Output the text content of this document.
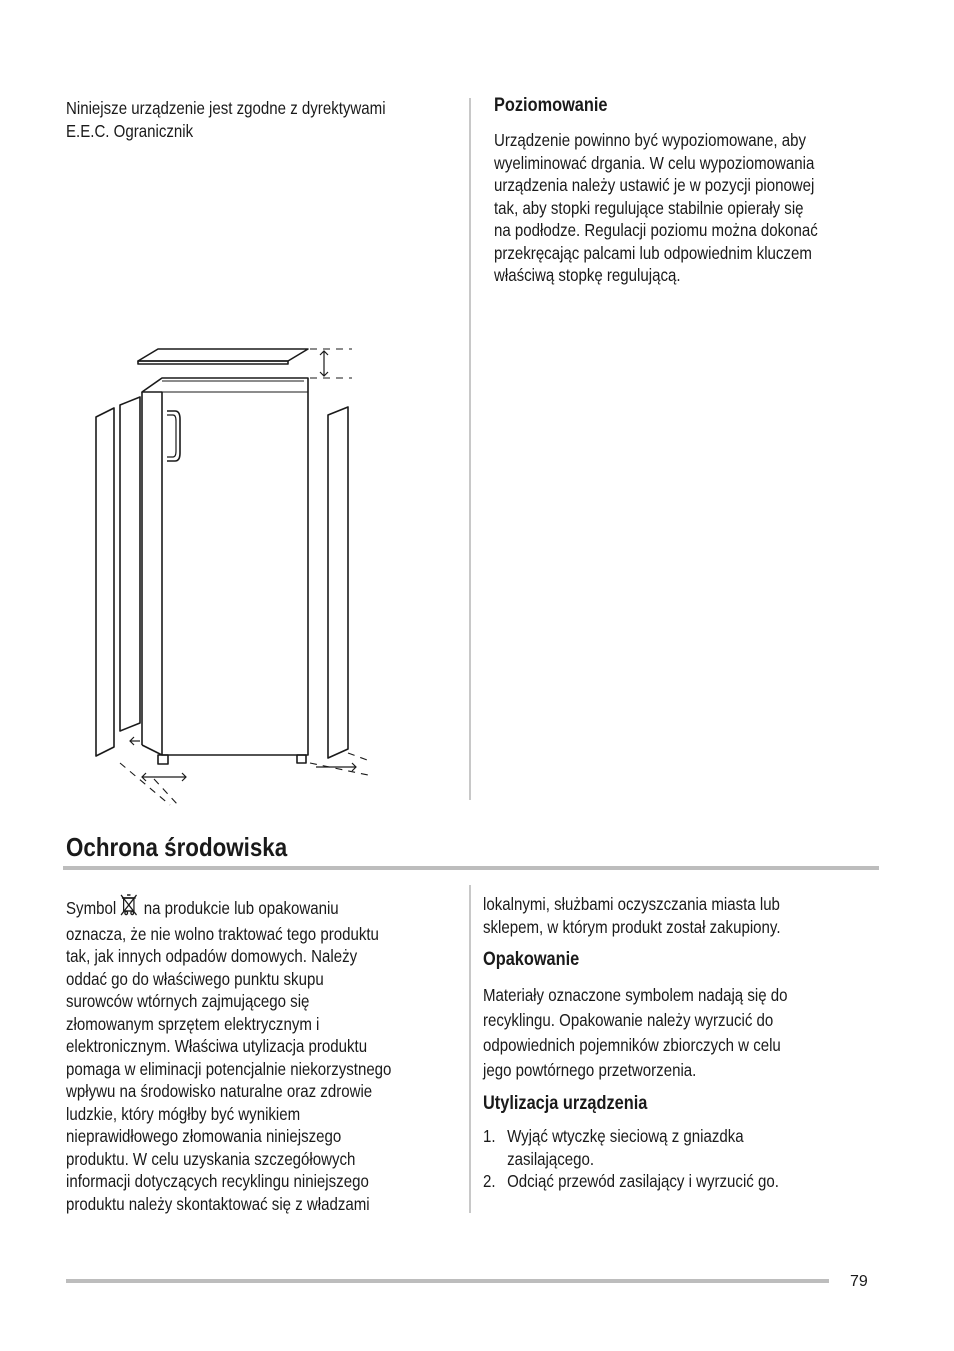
Niniejsze urządzenie jest zgodne z dyrektywami
E.E.C. Ogranicznik
Poziomowanie
Urządzenie powinno być wypoziomowane, aby
wyeliminować drgania. W celu wypoziomowania
urządzenia należy ustawić je w pozycji pionowej
tak, aby stopki regulujące stabilnie opierały się
na podłodze. Regulacji poziomu można dokonać
przekręcając palcami lub odpowiednim kluczem
właściwą stopkę regulującą.
Ochrona środowiska
Symbol na produkcie lub opakowaniu
oznacza, że nie wolno traktować tego produktu
tak, jak innych odpadów domowych. Należy
oddać go do właściwego punktu skupu
surowców wtórnych zajmującego się
złomowanym sprzętem elektrycznym i
elektronicznym. Właściwa utylizacja produktu
pomaga w eliminacji potencjalnie niekorzystnego
wpływu na środowisko naturalne oraz zdrowie
ludzkie, który mógłby być wynikiem
nieprawidłowego złomowania niniejszego
produktu. W celu uzyskania szczegółowych
informacji dotyczących recyklingu niniejszego
produktu należy skontaktować się z władzami
lokalnymi, służbami oczyszczania miasta lub
sklepem, w którym produkt został zakupiony.
Opakowanie
Materiały oznaczone symbolem nadają się do
recyklingu. Opakowanie należy wyrzucić do
odpowiednich pojemników zbiorczych w celu
jego powtórnego przetworzenia.
Utylizacja urządzenia
1. Wyjąć wtyczkę sieciową z gniazdka
zasilającego.
2. Odciąć przewód zasilający i wyrzucić go.
79
